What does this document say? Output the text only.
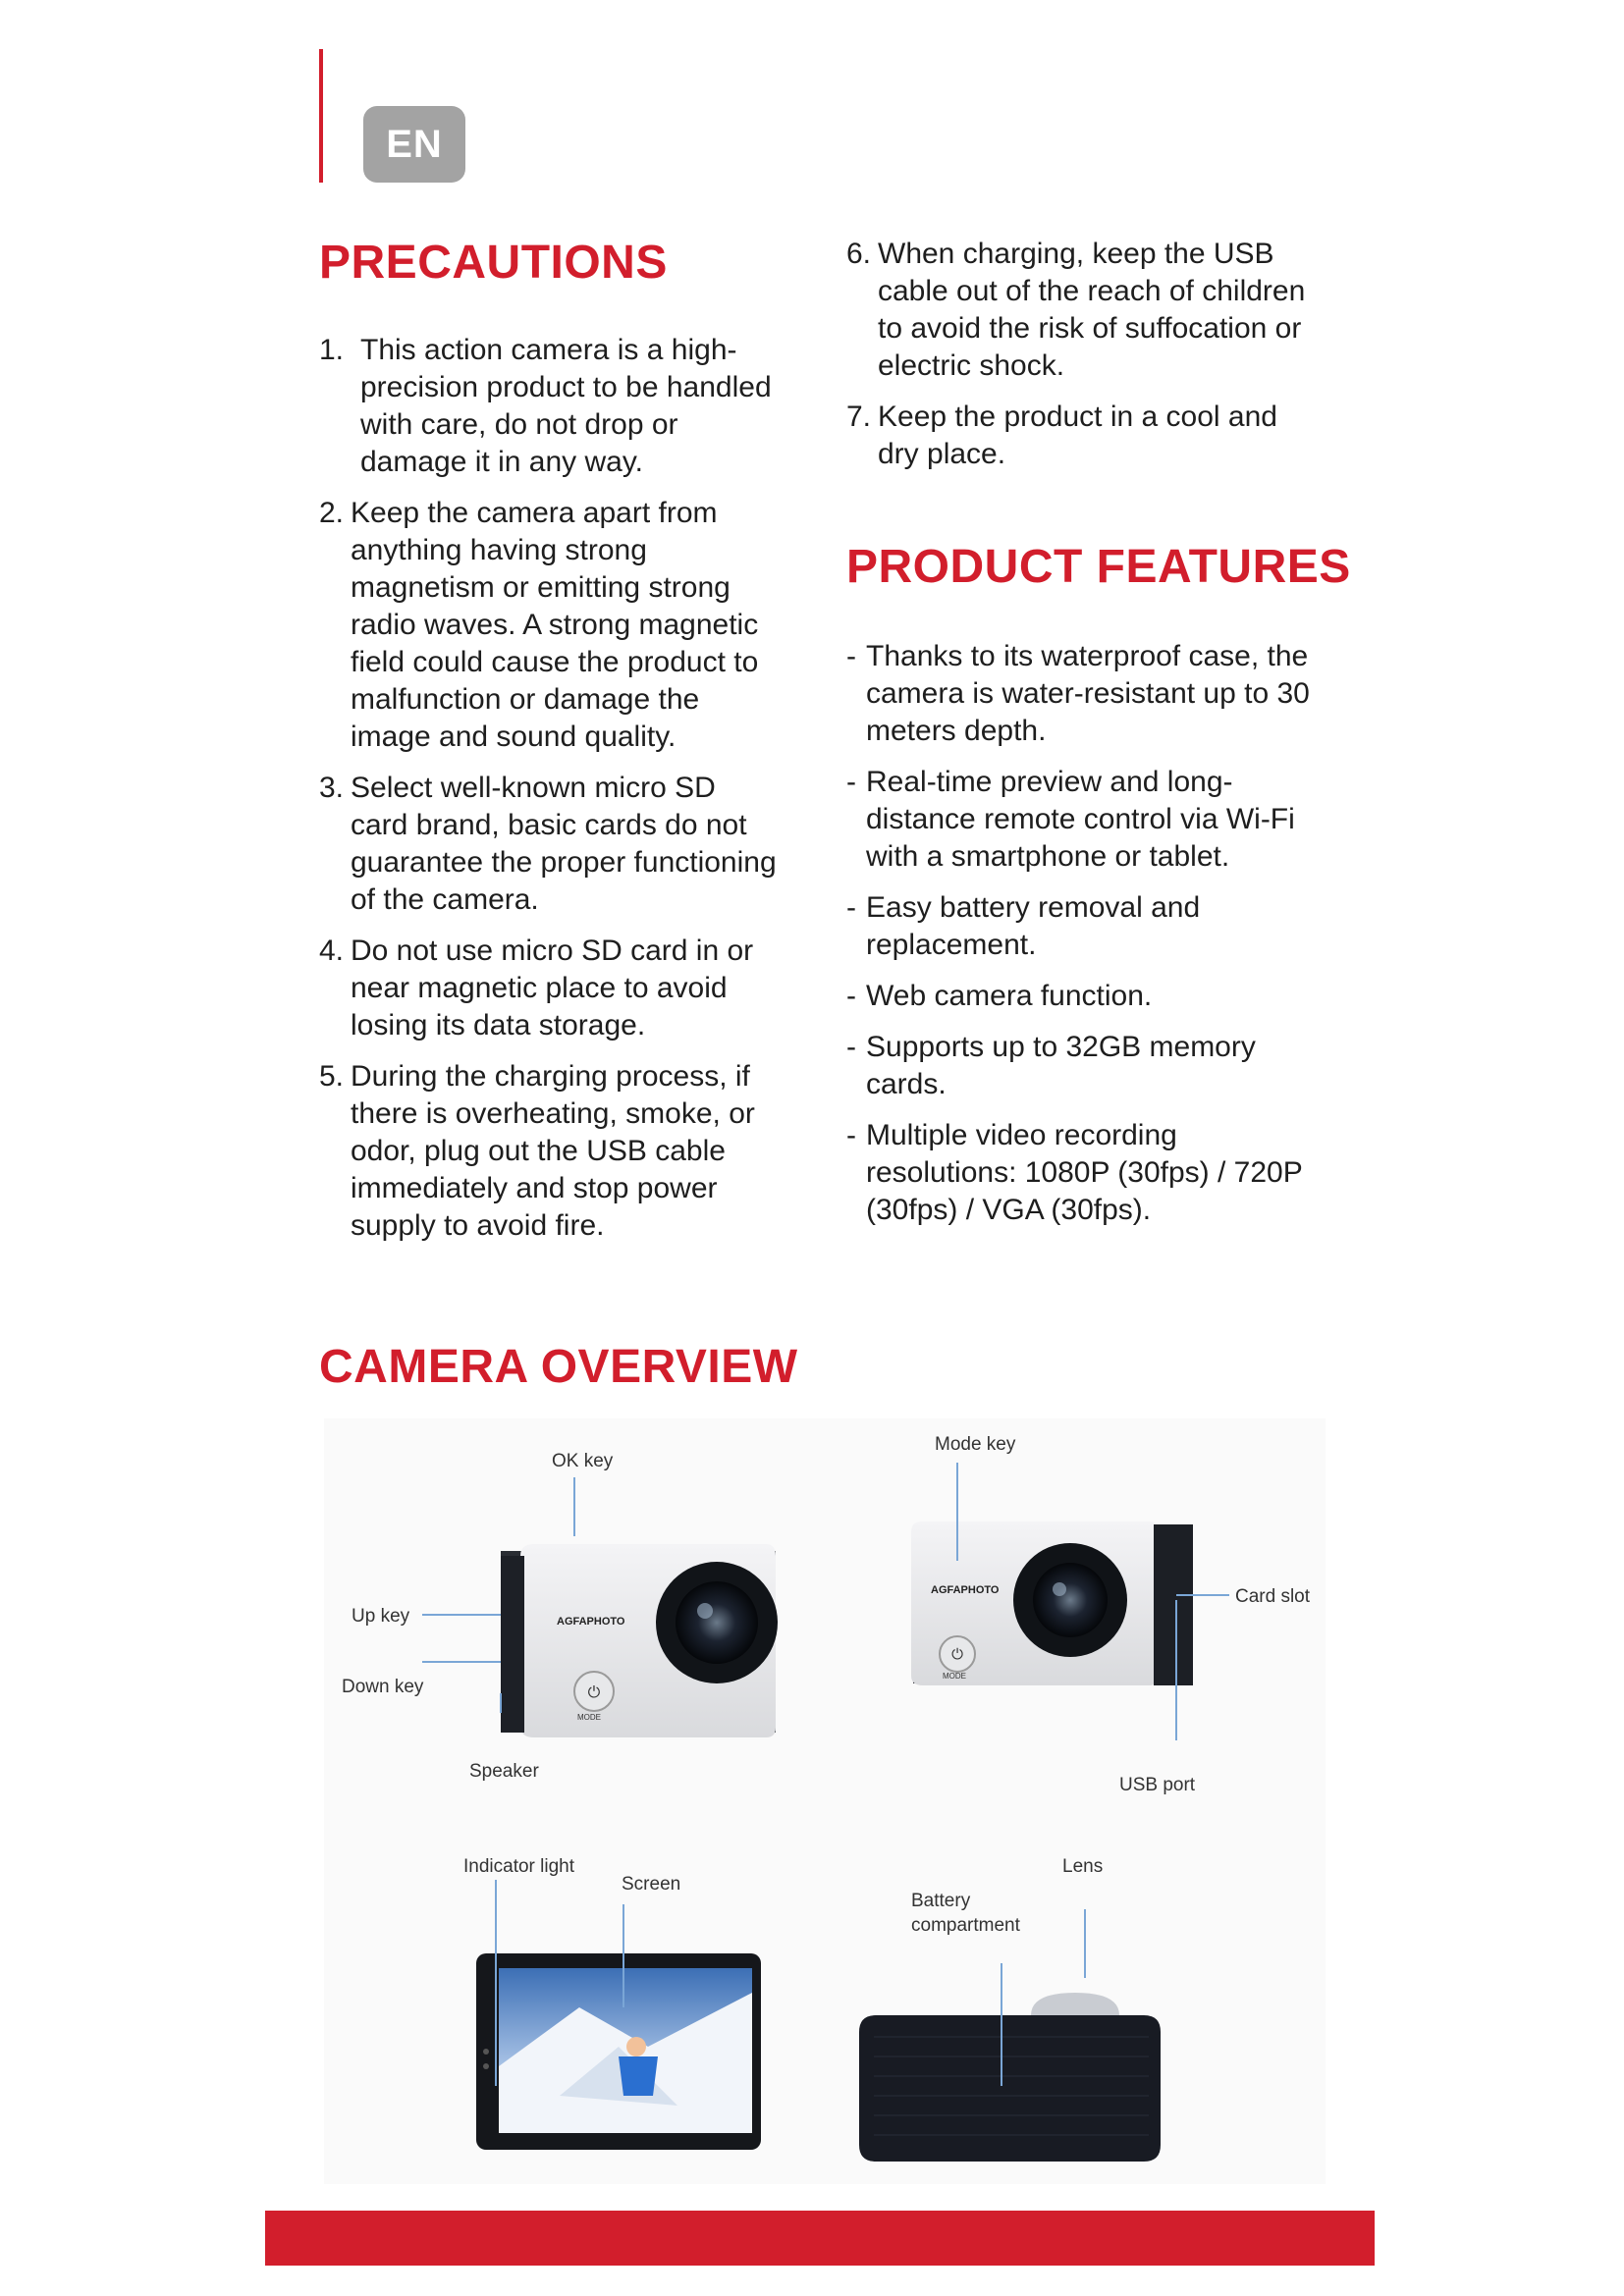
EN
PRECAUTIONS
1. This action camera is a high-precision product to be handled with care, do not drop or damage it in any way.

2. Keep the camera apart from anything having strong magnetism or emitting strong radio waves. A strong magnetic field could cause the product to malfunction or damage the image and sound quality.

3. Select well-known micro SD card brand, basic cards do not guarantee the proper functioning of the camera.

4. Do not use micro SD card in or near magnetic place to avoid losing its data storage.

5. During the charging process, if there is overheating, smoke, or odor, plug out the USB cable immediately and stop power supply to avoid fire.

6. When charging, keep the USB cable out of the reach of children to avoid the risk of suffocation or electric shock.

7. Keep the product in a cool and dry place.

PRODUCT FEATURES
- Thanks to its waterproof case, the camera is water-resistant up to 30 meters depth.

- Real-time preview and long-distance remote control via Wi-Fi with a smartphone or tablet.

- Easy battery removal and replacement.

- Web camera function.

- Supports up to 32GB memory cards.

- Multiple video recording resolutions: 1080P (30fps) / 720P (30fps) / VGA (30fps).

CAMERA OVERVIEW
⏻
AGFAPHOTO
⏻
AGFAPHOTO
OK key
Up key
Down key
Speaker
Mode key
Card slot
USB port
Indicator light
Screen
Lens
Battery
compartment
MODE
MODE
